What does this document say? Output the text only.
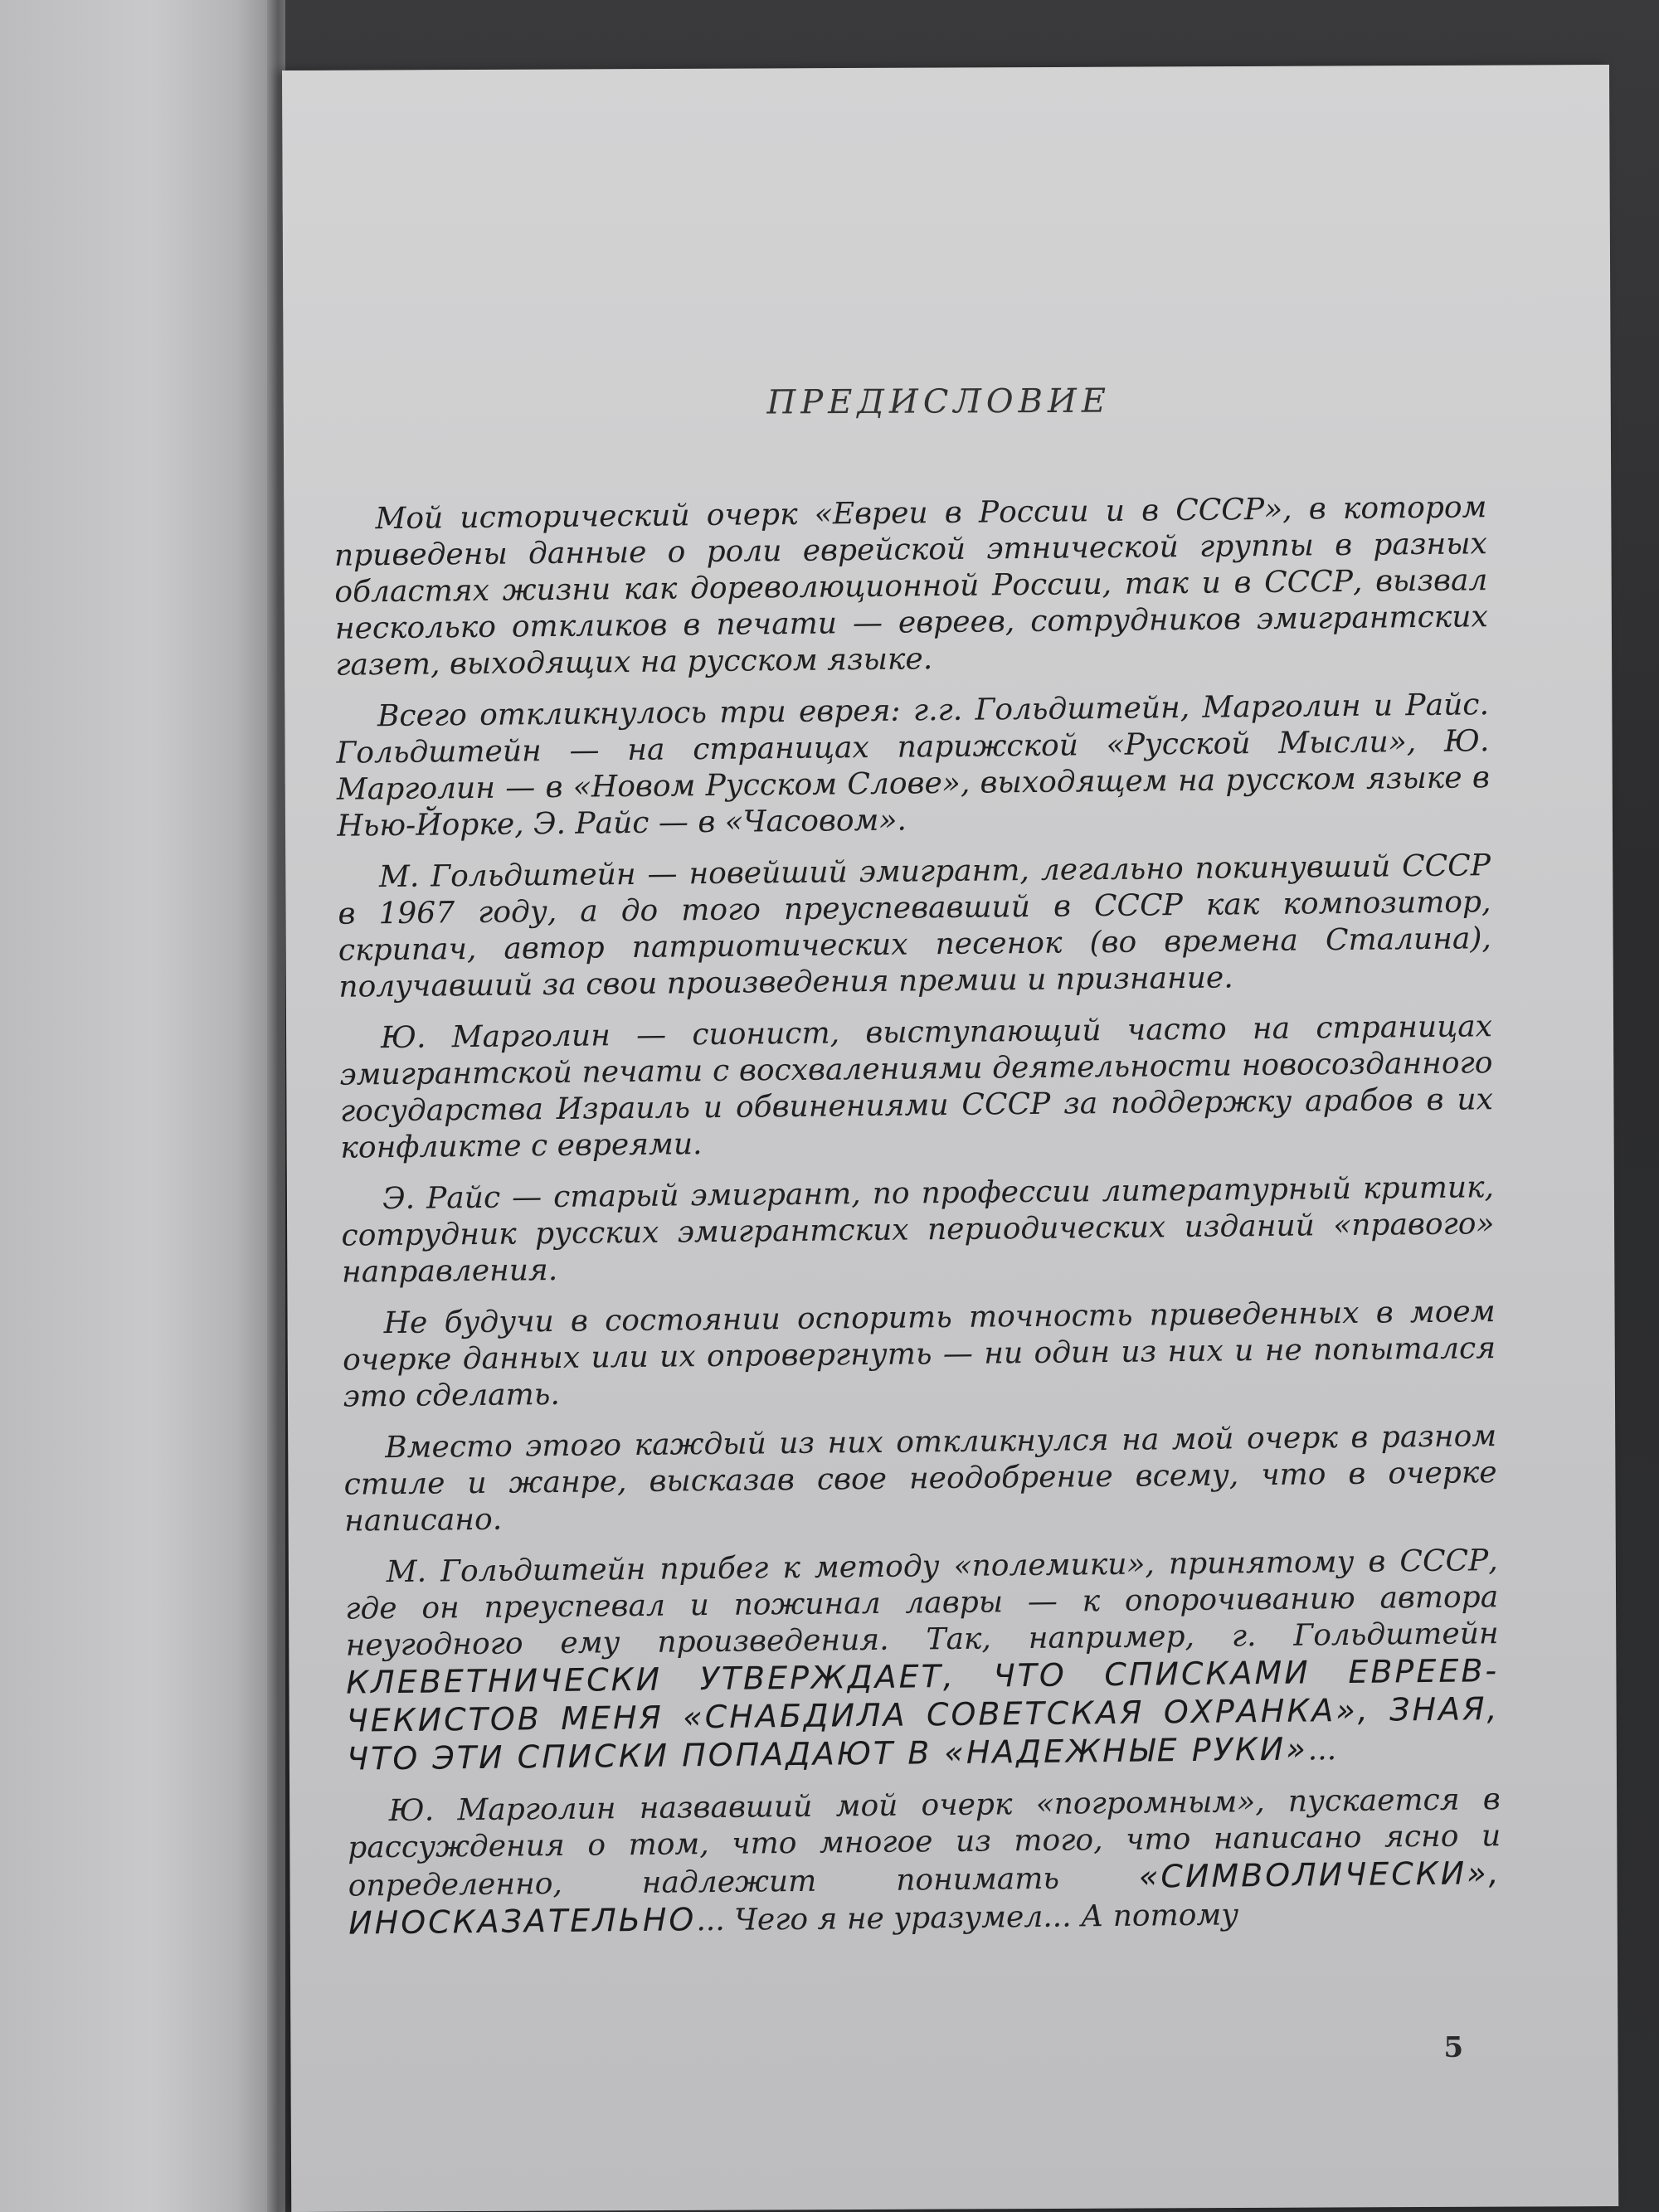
ПРЕДИСЛОВИЕ

Мой исторический очерк «Евреи в России и в СССР», в котором приведены данные о роли еврейской этнической группы в разных областях жизни как дореволюционной России, так и в СССР, вызвал несколько откликов в печати — евреев, сотрудников эмигрантских газет, выходящих на русском языке.

Всего откликнулось три еврея: г.г. Гольдштейн, Марголин и Райс. Гольдштейн — на страницах парижской «Русской Мысли», Ю. Марголин — в «Новом Русском Слове», выходящем на русском языке в Нью-Йорке, Э. Райс — в «Часовом».

М. Гольдштейн — новейший эмигрант, легально покинувший СССР в 1967 году, а до того преуспевавший в СССР как композитор, скрипач, автор патриотических песенок (во времена Сталина), получавший за свои произведения премии и признание.

Ю. Марголин — сионист, выступающий часто на страницах эмигрантской печати с восхвалениями деятельности новосозданного государства Израиль и обвинениями СССР за поддержку арабов в их конфликте с евреями.

Э. Райс — старый эмигрант, по профессии литературный критик, сотрудник русских эмигрантских периодических изданий «правого» направления.

Не будучи в состоянии оспорить точность приведенных в моем очерке данных или их опровергнуть — ни один из них и не попытался это сделать.

Вместо этого каждый из них откликнулся на мой очерк в разном стиле и жанре, высказав свое неодобрение всему, что в очерке написано.

М. Гольдштейн прибег к методу «полемики», принятому в СССР, где он преуспевал и пожинал лавры — к опорочиванию автора неугодного ему произведения. Так, например, г. Гольдштейн КЛЕВЕТНИЧЕСКИ УТВЕРЖДАЕТ, ЧТО СПИСКАМИ ЕВРЕЕВ-ЧЕКИСТОВ МЕНЯ «СНАБДИЛА СОВЕТСКАЯ ОХРАНКА», ЗНАЯ, ЧТО ЭТИ СПИСКИ ПОПАДАЮТ В «НАДЕЖНЫЕ РУКИ»...

Ю. Марголин назвавший мой очерк «погромным», пускается в рассуждения о том, что многое из того, что написано ясно и определенно, надлежит понимать «СИМВОЛИЧЕСКИ», ИНОСКАЗАТЕЛЬНО... Чего я не уразумел... А потому

5
